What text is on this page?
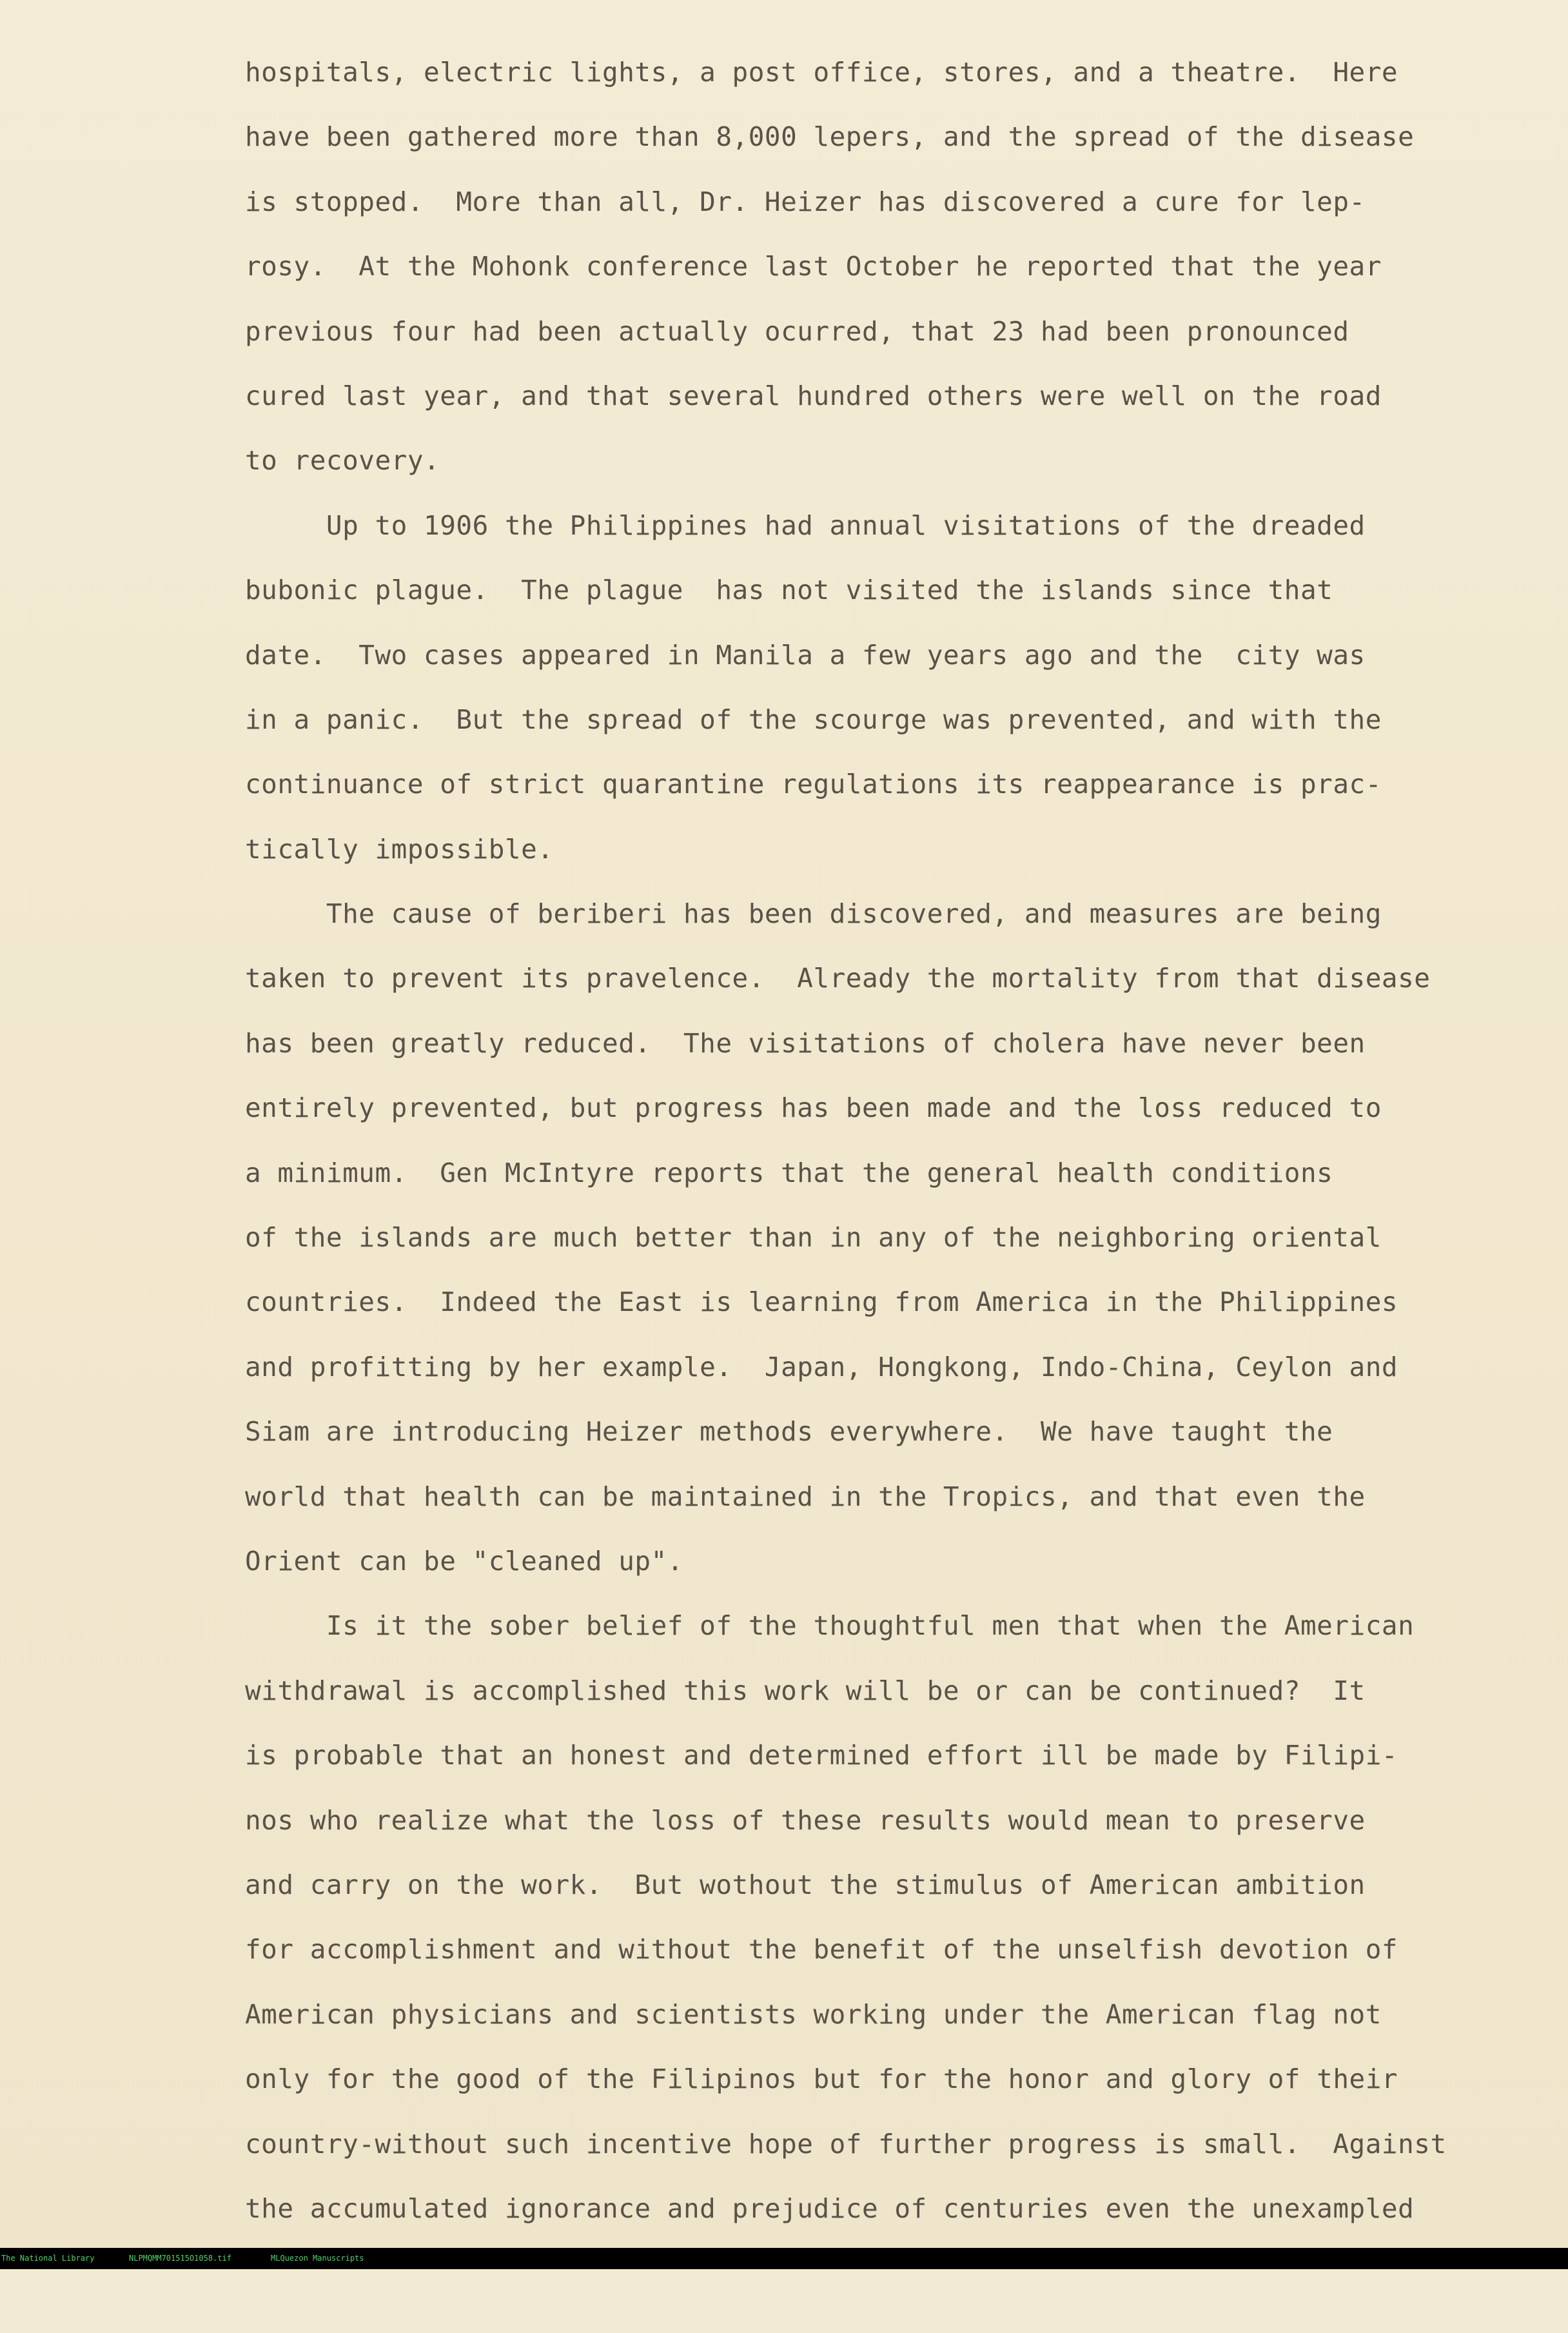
hospitals, electric lights, a post office, stores, and a theatre.  Here
have been gathered more than 8,000 lepers, and the spread of the disease
is stopped.  More than all, Dr. Heizer has discovered a cure for lep-
rosy.  At the Mohonk conference last October he reported that the year
previous four had been actually ocurred, that 23 had been pronounced
cured last year, and that several hundred others were well on the road
to recovery.
Up to 1906 the Philippines had annual visitations of the dreaded
bubonic plague.  The plague  has not visited the islands since that
date.  Two cases appeared in Manila a few years ago and the  city was
in a panic.  But the spread of the scourge was prevented, and with the
continuance of strict quarantine regulations its reappearance is prac-
tically impossible.
The cause of beriberi has been discovered, and measures are being
taken to prevent its pravelence.  Already the mortality from that disease
has been greatly reduced.  The visitations of cholera have never been
entirely prevented, but progress has been made and the loss reduced to
a minimum.  Gen McIntyre reports that the general health conditions
of the islands are much better than in any of the neighboring oriental
countries.  Indeed the East is learning from America in the Philippines
and profitting by her example.  Japan, Hongkong, Indo-China, Ceylon and
Siam are introducing Heizer methods everywhere.  We have taught the
world that health can be maintained in the Tropics, and that even the
Orient can be "cleaned up".
Is it the sober belief of the thoughtful men that when the American
withdrawal is accomplished this work will be or can be continued?  It
is probable that an honest and determined effort ill be made by Filipi-
nos who realize what the loss of these results would mean to preserve
and carry on the work.  But wothout the stimulus of American ambition
for accomplishment and without the benefit of the unselfish devotion of
American physicians and scientists working under the American flag not
only for the good of the Filipinos but for the honor and glory of their
country-without such incentive hope of further progress is small.  Against
the accumulated ignorance and prejudice of centuries even the unexampled

The National Library

	NLPMQMM701515O1058.tif

	MLQuezon Manuscripts
